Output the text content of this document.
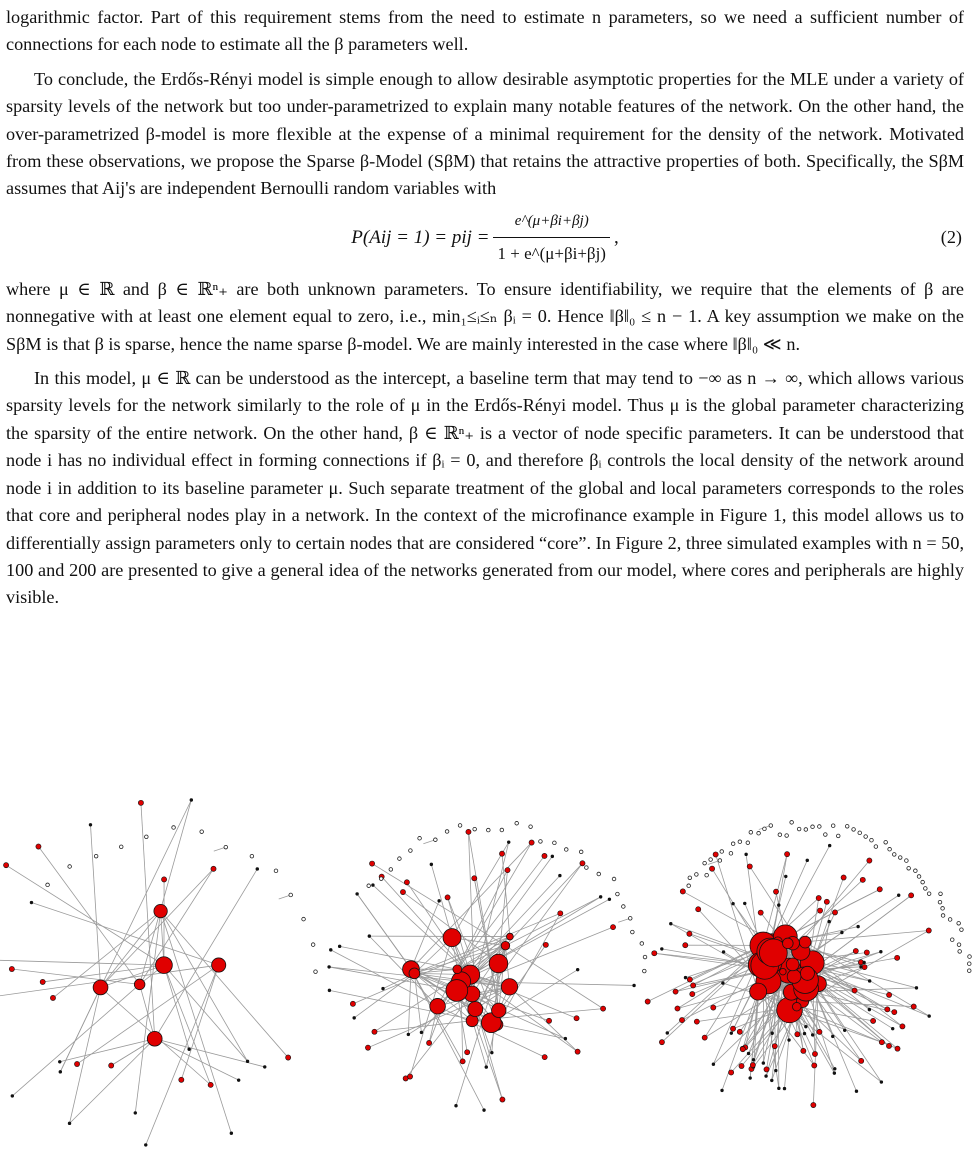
logarithmic factor. Part of this requirement stems from the need to estimate n parameters, so we need a sufficient number of connections for each node to estimate all the β parameters well.

To conclude, the Erdős-Rényi model is simple enough to allow desirable asymptotic properties for the MLE under a variety of sparsity levels of the network but too under-parametrized to explain many notable features of the network. On the other hand, the over-parametrized β-model is more flexible at the expense of a minimal requirement for the density of the network. Motivated from these observations, we propose the Sparse β-Model (SβM) that retains the attractive properties of both. Specifically, the SβM assumes that Aij's are independent Bernoulli random variables with

P(Aij = 1) = pij = $\frac{e\^{}(\mu+\beta i+\beta j)}{1 + e\^{}(\mu+\beta i+\beta j)}$ ,	(2)

where μ ∈ ℝ and β ∈ ℝⁿ₊ are both unknown parameters. To ensure identifiability, we require that the elements of β are nonnegative with at least one element equal to zero, i.e., min₁≤ᵢ≤ₙ βᵢ = 0. Hence ‖β‖₀ ≤ n − 1. A key assumption we make on the SβM is that β is sparse, hence the name sparse β-model. We are mainly interested in the case where ‖β‖₀ ≪ n.

In this model, μ ∈ ℝ can be understood as the intercept, a baseline term that may tend to −∞ as n → ∞, which allows various sparsity levels for the network similarly to the role of μ in the Erdős-Rényi model. Thus μ is the global parameter characterizing the sparsity of the entire network. On the other hand, β ∈ ℝⁿ₊ is a vector of node specific parameters. It can be understood that node i has no individual effect in forming connections if βᵢ = 0, and therefore βᵢ controls the local density of the network around node i in addition to its baseline parameter μ. Such separate treatment of the global and local parameters corresponds to the roles that core and peripheral nodes play in a network. In the context of the microfinance example in Figure 1, this model allows us to differentially assign parameters only to certain nodes that are considered “core”. In Figure 2, three simulated examples with n = 50, 100 and 200 are presented to give a general idea of the networks generated from our model, where cores and peripherals are highly visible.
